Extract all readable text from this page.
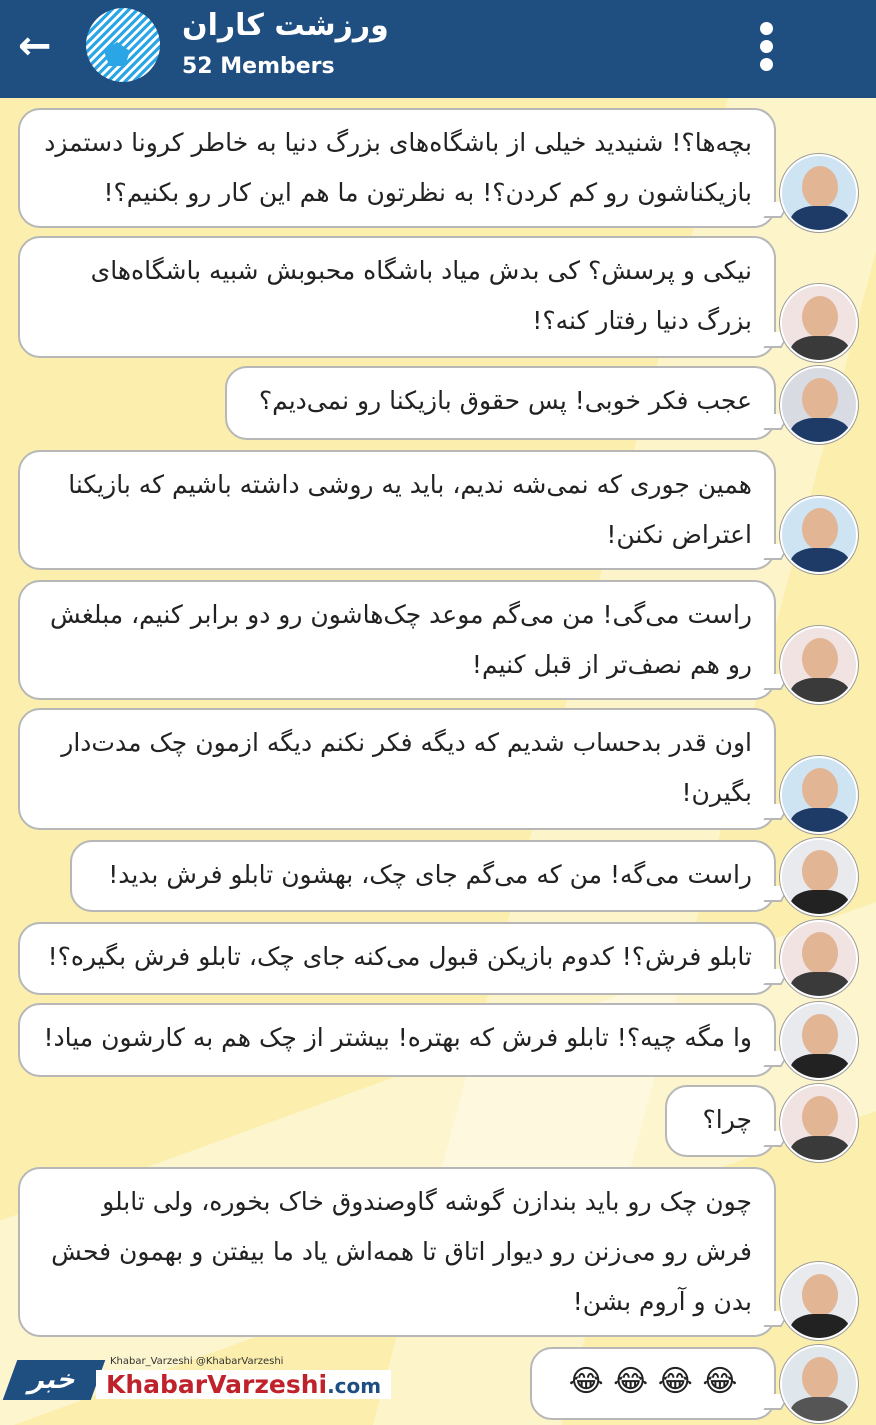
←	ورزشت کاران
52 Members
بچه‌ها؟! شنیدید خیلی از باشگاه‌های بزرگ دنیا به خاطر کرونا دستمزد بازیکناشون رو کم کردن؟! به نظرتون ما هم این کار رو بکنیم؟!
نیکی و پرسش؟ کی بدش میاد باشگاه محبوبش شبیه باشگاه‌های بزرگ دنیا رفتار کنه؟!
عجب فکر خوبی! پس حقوق بازیکنا رو نمی‌دیم؟
همین جوری که نمی‌شه ندیم، باید یه روشی داشته باشیم که بازیکنا اعتراض نکنن!
راست می‌گی! من می‌گم موعد چک‌هاشون رو دو برابر کنیم، مبلغش رو هم نصف‌تر از قبل کنیم!
اون قدر بدحساب شدیم که دیگه فکر نکنم دیگه ازمون چک مدت‌دار بگیرن!
راست می‌گه! من که می‌گم جای چک، بهشون تابلو فرش بدید!
تابلو فرش؟! کدوم بازیکن قبول می‌کنه جای چک، تابلو فرش بگیره؟!
وا مگه چیه؟! تابلو فرش که بهتره! بیشتر از چک هم به کارشون میاد!
چرا؟
چون چک رو باید بندازن گوشه گاوصندوق خاک بخوره، ولی تابلو فرش رو می‌زنن رو دیوار اتاق تا همه‌اش یاد ما بیفتن و بهمون فحش بدن و آروم بشن!
😂 😂 😂 😂
خبر
Khabar_Varzeshi @KhabarVarzeshi
KhabarVarzeshi.com
